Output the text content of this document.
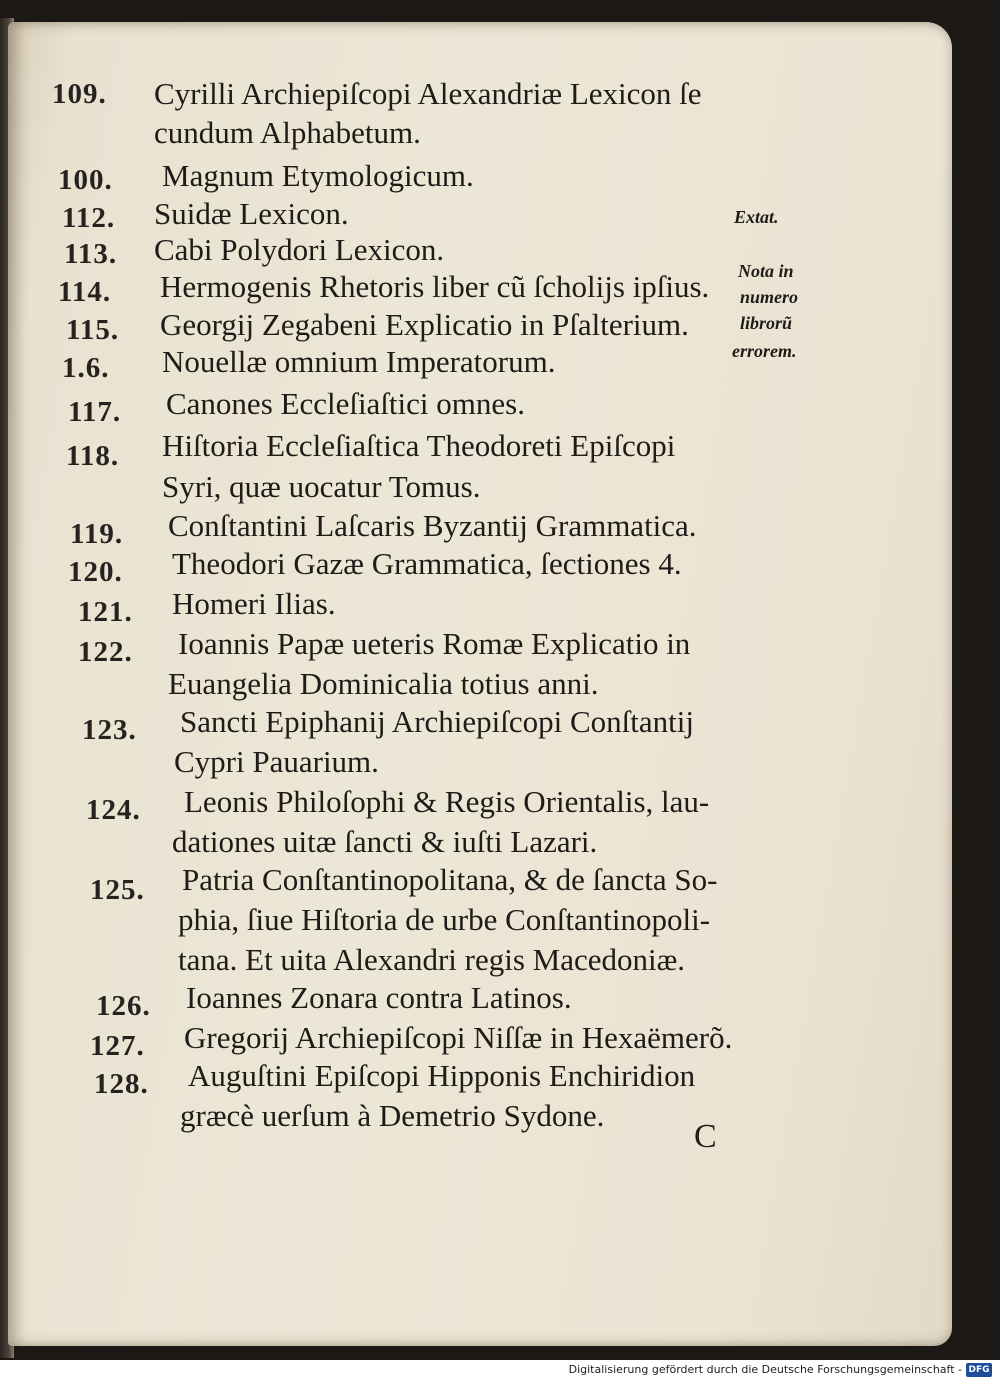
109. Cyrilli Archiepiſcopi Alexandriæ Lexicon ſe
cundum Alphabetum.
100. Magnum Etymologicum.
112. Suidæ Lexicon.
113. Cabi Polydori Lexicon.
114. Hermogenis Rhetoris liber cũ ſcholijs ipſius.
115. Georgij Zegabeni Explicatio in Pſalterium.
1.6. Nouellæ omnium Imperatorum.
117. Canones Eccleſiaſtici omnes.
118. Hiſtoria Eccleſiaſtica Theodoreti Epiſcopi
Syri, quæ uocatur Tomus.
119. Conſtantini Laſcaris Byzantij Grammatica.
120. Theodori Gazæ Grammatica, ſectiones 4.
121. Homeri Ilias.
122. Ioannis Papæ ueteris Romæ Explicatio in
Euangelia Dominicalia totius anni.
123. Sancti Epiphanij Archiepiſcopi Conſtantij
Cypri Pauarium.
124. Leonis Philoſophi & Regis Orientalis, lau-
dationes uitæ ſancti & iuſti Lazari.
125. Patria Conſtantinopolitana, & de ſancta So-
phia, ſiue Hiſtoria de urbe Conſtantinopoli-
tana. Et uita Alexandri regis Macedoniæ.
126. Ioannes Zonara contra Latinos.
127. Gregorij Archiepiſcopi Niſſæ in Hexaëmerõ.
128. Auguſtini Epiſcopi Hipponis Enchiridion
græcè uerſum à Demetrio Sydone.
Extat.
Nota in
numero
librorũ
errorem.
C
Digitalisierung gefördert durch die Deutsche Forschungsgemeinschaft - DFG
